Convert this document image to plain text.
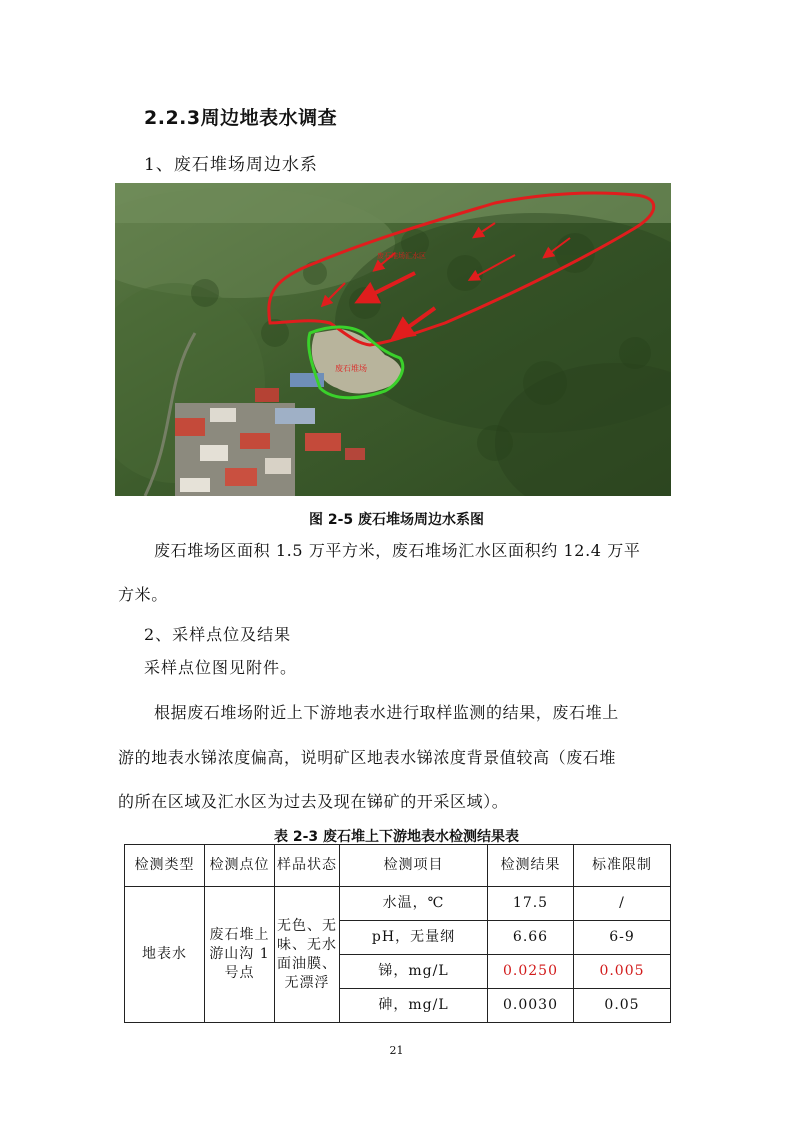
2.2.3周边地表水调查
1、废石堆场周边水系
废石堆场汇水区
废石堆场
图 2-5 废石堆场周边水系图
废石堆场区面积 1.5 万平方米，废石堆场汇水区面积约 12.4 万平
方米。
2、采样点位及结果
采样点位图见附件。
根据废石堆场附近上下游地表水进行取样监测的结果，废石堆上
游的地表水锑浓度偏高，说明矿区地表水锑浓度背景值较高（废石堆
的所在区域及汇水区为过去及现在锑矿的开采区域）。
表 2-3 废石堆上下游地表水检测结果表
检测类型	检测点位	样品状态	检测项目	检测结果	标准限制
地表水	废石堆上游山沟 1 号点	无色、无味、无水面油膜、无漂浮	水温，℃	17.5	/
			pH，无量纲	6.66	6-9
			锑，mg/L	0.0250	0.005
			砷，mg/L	0.0030	0.05
21
